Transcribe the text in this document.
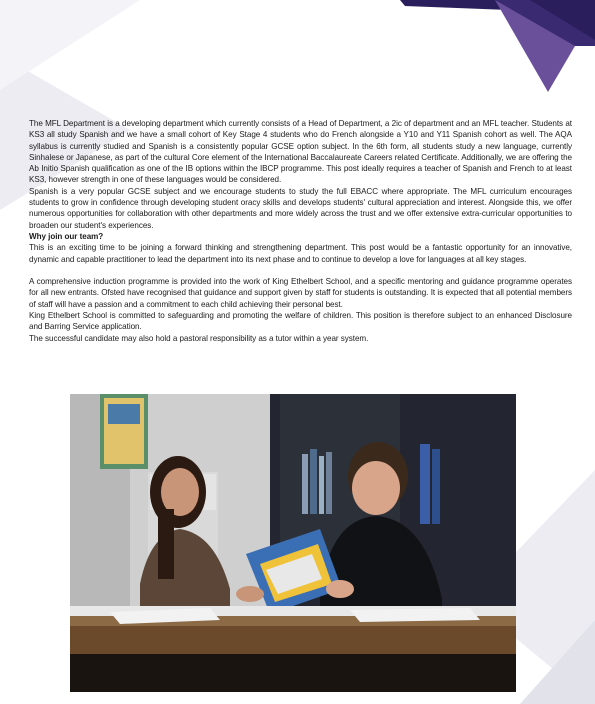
The MFL Department is a developing department which currently consists of a Head of Department, a 2ic of department and an MFL teacher. Students at KS3 all study Spanish and we have a small cohort of Key Stage 4 students who do French alongside a Y10 and Y11 Spanish cohort as well. The AQA syllabus is currently studied and Spanish is a consistently popular GCSE option subject. In the 6th form, all students study a new language, currently Sinhalese or Japanese, as part of the cultural Core element of the International Baccalaureate Careers related Certificate. Additionally, we are offering the Ab Initio Spanish qualification as one of the IB options within the IBCP programme. This post ideally requires a teacher of Spanish and French to at least KS3, however strength in one of these languages would be considered.

Spanish is a very popular GCSE subject and we encourage students to study the full EBACC where appropriate. The MFL curriculum encourages students to grow in confidence through developing student oracy skills and develops students' cultural appreciation and interest. Alongside this, we offer numerous opportunities for collaboration with other departments and more widely across the trust and we offer extensive extra-curricular opportunities to broaden our student's experiences.

Why join our team?

This is an exciting time to be joining a forward thinking and strengthening department. This post would be a fantastic opportunity for an innovative, dynamic and capable practitioner to lead the department into its next phase and to continue to develop a love for languages at all key stages.

A comprehensive induction programme is provided into the work of King Ethelbert School, and a specific mentoring and guidance programme operates for all new entrants. Ofsted have recognised that guidance and support given by staff for students is outstanding. It is expected that all potential members of staff will have a passion and a commitment to each child achieving their personal best.

King Ethelbert School is committed to safeguarding and promoting the welfare of children. This position is therefore subject to an enhanced Disclosure and Barring Service application.

The successful candidate may also hold a pastoral responsibility as a tutor within a year system.
